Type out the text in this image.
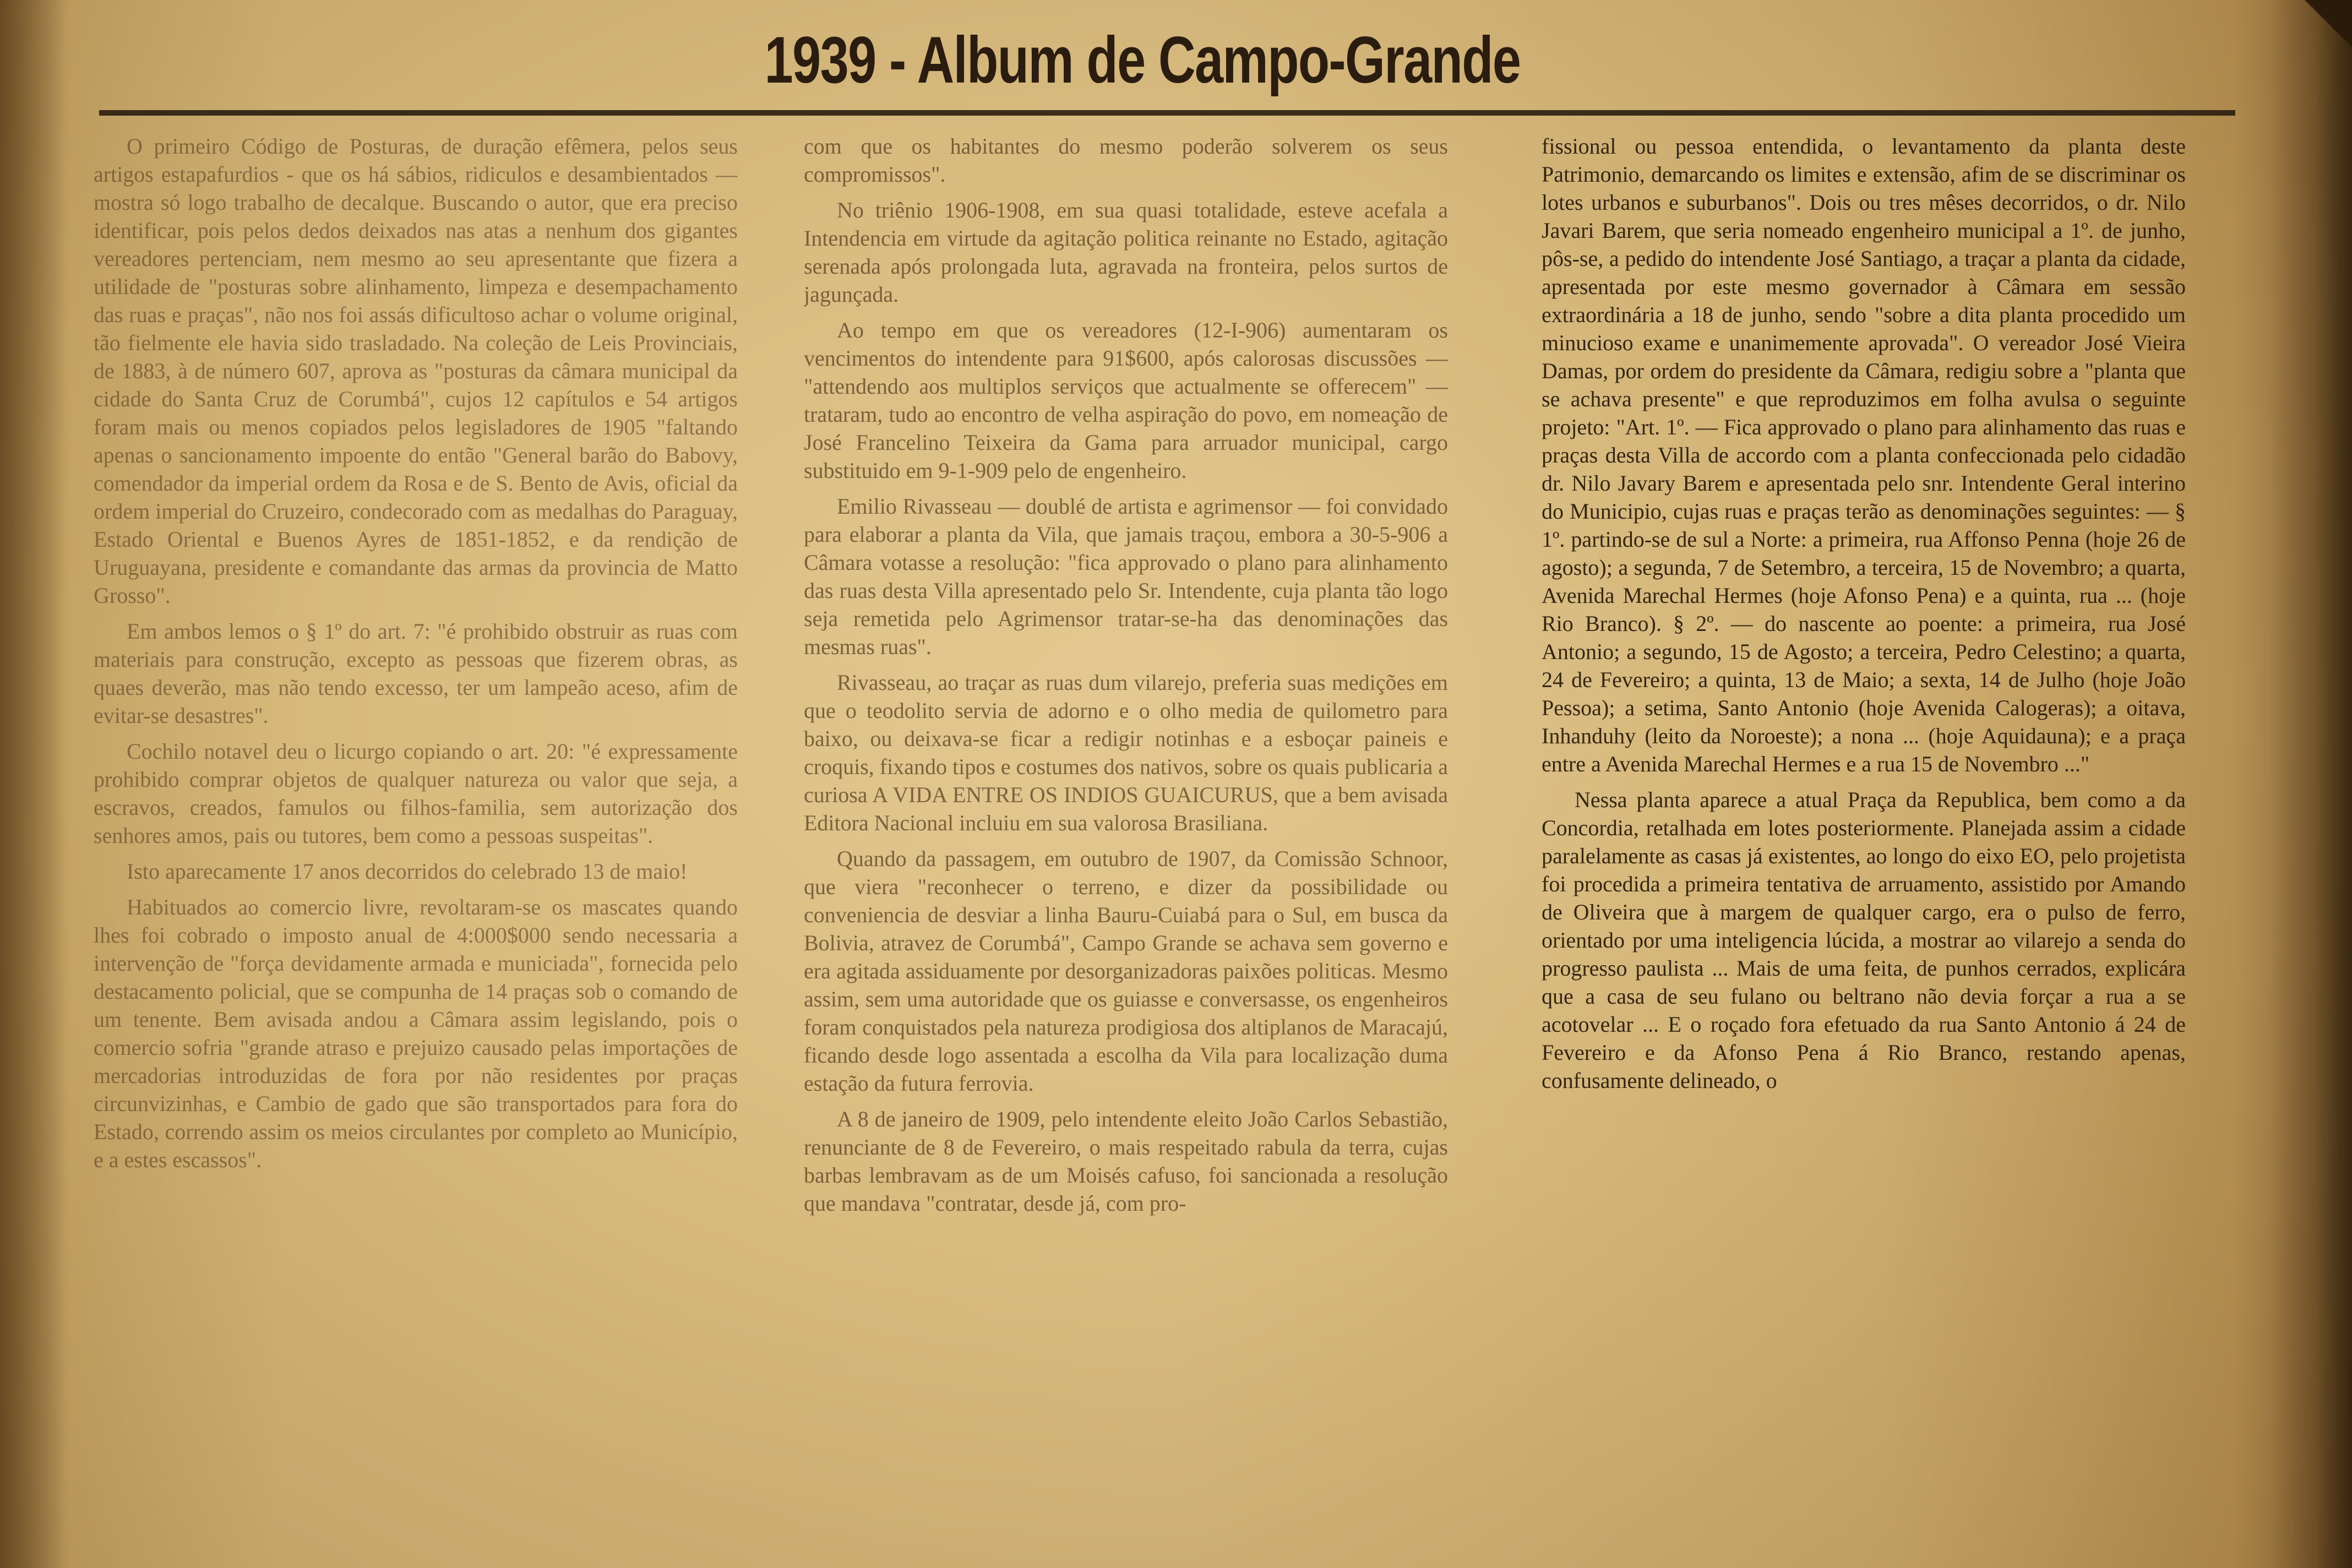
1939 - Album de Campo-Grande

O primeiro Código de Posturas, de duração efêmera, pelos seus artigos estapafurdios - que os há sábios, ridiculos e desambientados — mostra só logo trabalho de decalque. Buscando o autor, que era preciso identificar, pois pelos dedos deixados nas atas a nenhum dos gigantes vereadores pertenciam, nem mesmo ao seu apresentante que fizera a utilidade de "posturas sobre alinhamento, limpeza e desempachamento das ruas e praças", não nos foi assás dificultoso achar o volume original, tão fielmente ele havia sido trasladado. Na coleção de Leis Provinciais, de 1883, à de número 607, aprova as "posturas da câmara municipal da cidade do Santa Cruz de Corumbá", cujos 12 capítulos e 54 artigos foram mais ou menos copiados pelos legisladores de 1905 "faltando apenas o sancionamento impoente do então "General barão do Babovy, comendador da imperial ordem da Rosa e de S. Bento de Avis, oficial da ordem imperial do Cruzeiro, condecorado com as medalhas do Paraguay, Estado Oriental e Buenos Ayres de 1851-1852, e da rendição de Uruguayana, presidente e comandante das armas da provincia de Matto Grosso".

Em ambos lemos o § 1º do art. 7: "é prohibido obstruir as ruas com materiais para construção, excepto as pessoas que fizerem obras, as quaes deverão, mas não tendo excesso, ter um lampeão aceso, afim de evitar-se desastres".

Cochilo notavel deu o licurgo copiando o art. 20: "é expressamente prohibido comprar objetos de qualquer natureza ou valor que seja, a escravos, creados, famulos ou filhos-familia, sem autorização dos senhores amos, pais ou tutores, bem como a pessoas suspeitas".

Isto aparecamente 17 anos decorridos do celebrado 13 de maio!

Habituados ao comercio livre, revoltaram-se os mascates quando lhes foi cobrado o imposto anual de 4:000$000 sendo necessaria a intervenção de "força devidamente armada e municiada", fornecida pelo destacamento policial, que se compunha de 14 praças sob o comando de um tenente. Bem avisada andou a Câmara assim legislando, pois o comercio sofria "grande atraso e prejuizo causado pelas importações de mercadorias introduzidas de fora por não residentes por praças circunvizinhas, e Cambio de gado que são transportados para fora do Estado, correndo assim os meios circulantes por completo ao Município, e a estes escassos".

com que os habitantes do mesmo poderão solverem os seus compromissos".

No triênio 1906-1908, em sua quasi totalidade, esteve acefala a Intendencia em virtude da agitação politica reinante no Estado, agitação serenada após prolongada luta, agravada na fronteira, pelos surtos de jagunçada.

Ao tempo em que os vereadores (12-I-906) aumentaram os vencimentos do intendente para 91$600, após calorosas discussões — "attendendo aos multiplos serviços que actualmente se offerecem" — trataram, tudo ao encontro de velha aspiração do povo, em nomeação de José Francelino Teixeira da Gama para arruador municipal, cargo substituido em 9-1-909 pelo de engenheiro.

Emilio Rivasseau — doublé de artista e agrimensor — foi convidado para elaborar a planta da Vila, que jamais traçou, embora a 30-5-906 a Câmara votasse a resolução: "fica approvado o plano para alinhamento das ruas desta Villa apresentado pelo Sr. Intendente, cuja planta tão logo seja remetida pelo Agrimensor tratar-se-ha das denominações das mesmas ruas".

Rivasseau, ao traçar as ruas dum vilarejo, preferia suas medições em que o teodolito servia de adorno e o olho media de quilometro para baixo, ou deixava-se ficar a redigir notinhas e a esboçar paineis e croquis, fixando tipos e costumes dos nativos, sobre os quais publicaria a curiosa A VIDA ENTRE OS INDIOS GUAICURUS, que a bem avisada Editora Nacional incluiu em sua valorosa Brasiliana.

Quando da passagem, em outubro de 1907, da Comissão Schnoor, que viera "reconhecer o terreno, e dizer da possibilidade ou conveniencia de desviar a linha Bauru-Cuiabá para o Sul, em busca da Bolivia, atravez de Corumbá", Campo Grande se achava sem governo e era agitada assiduamente por desorganizadoras paixões politicas. Mesmo assim, sem uma autoridade que os guiasse e conversasse, os engenheiros foram conquistados pela natureza prodigiosa dos altiplanos de Maracajú, ficando desde logo assentada a escolha da Vila para localização duma estação da futura ferrovia.

A 8 de janeiro de 1909, pelo intendente eleito João Carlos Sebastião, renunciante de 8 de Fevereiro, o mais respeitado rabula da terra, cujas barbas lembravam as de um Moisés cafuso, foi sancionada a resolução que mandava "contratar, desde já, com pro-

fissional ou pessoa entendida, o levantamento da planta deste Patrimonio, demarcando os limites e extensão, afim de se discriminar os lotes urbanos e suburbanos". Dois ou tres mêses decorridos, o dr. Nilo Javari Barem, que seria nomeado engenheiro municipal a 1º. de junho, pôs-se, a pedido do intendente José Santiago, a traçar a planta da cidade, apresentada por este mesmo governador à Câmara em sessão extraordinária a 18 de junho, sendo "sobre a dita planta procedido um minucioso exame e unanimemente aprovada". O vereador José Vieira Damas, por ordem do presidente da Câmara, redigiu sobre a "planta que se achava presente" e que reproduzimos em folha avulsa o seguinte projeto: "Art. 1º. — Fica approvado o plano para alinhamento das ruas e praças desta Villa de accordo com a planta confeccionada pelo cidadão dr. Nilo Javary Barem e apresentada pelo snr. Intendente Geral interino do Municipio, cujas ruas e praças terão as denominações seguintes: — § 1º. partindo-se de sul a Norte: a primeira, rua Affonso Penna (hoje 26 de agosto); a segunda, 7 de Setembro, a terceira, 15 de Novembro; a quarta, Avenida Marechal Hermes (hoje Afonso Pena) e a quinta, rua ... (hoje Rio Branco). § 2º. — do nascente ao poente: a primeira, rua José Antonio; a segundo, 15 de Agosto; a terceira, Pedro Celestino; a quarta, 24 de Fevereiro; a quinta, 13 de Maio; a sexta, 14 de Julho (hoje João Pessoa); a setima, Santo Antonio (hoje Avenida Calogeras); a oitava, Inhanduhy (leito da Noroeste); a nona ... (hoje Aquidauna); e a praça entre a Avenida Marechal Hermes e a rua 15 de Novembro ..."

Nessa planta aparece a atual Praça da Republica, bem como a da Concordia, retalhada em lotes posteriormente. Planejada assim a cidade paralelamente as casas já existentes, ao longo do eixo EO, pelo projetista foi procedida a primeira tentativa de arruamento, assistido por Amando de Oliveira que à margem de qualquer cargo, era o pulso de ferro, orientado por uma inteligencia lúcida, a mostrar ao vilarejo a senda do progresso paulista ... Mais de uma feita, de punhos cerrados, explicára que a casa de seu fulano ou beltrano não devia forçar a rua a se acotovelar ... E o roçado fora efetuado da rua Santo Antonio á 24 de Fevereiro e da Afonso Pena á Rio Branco, restando apenas, confusamente delineado, o
